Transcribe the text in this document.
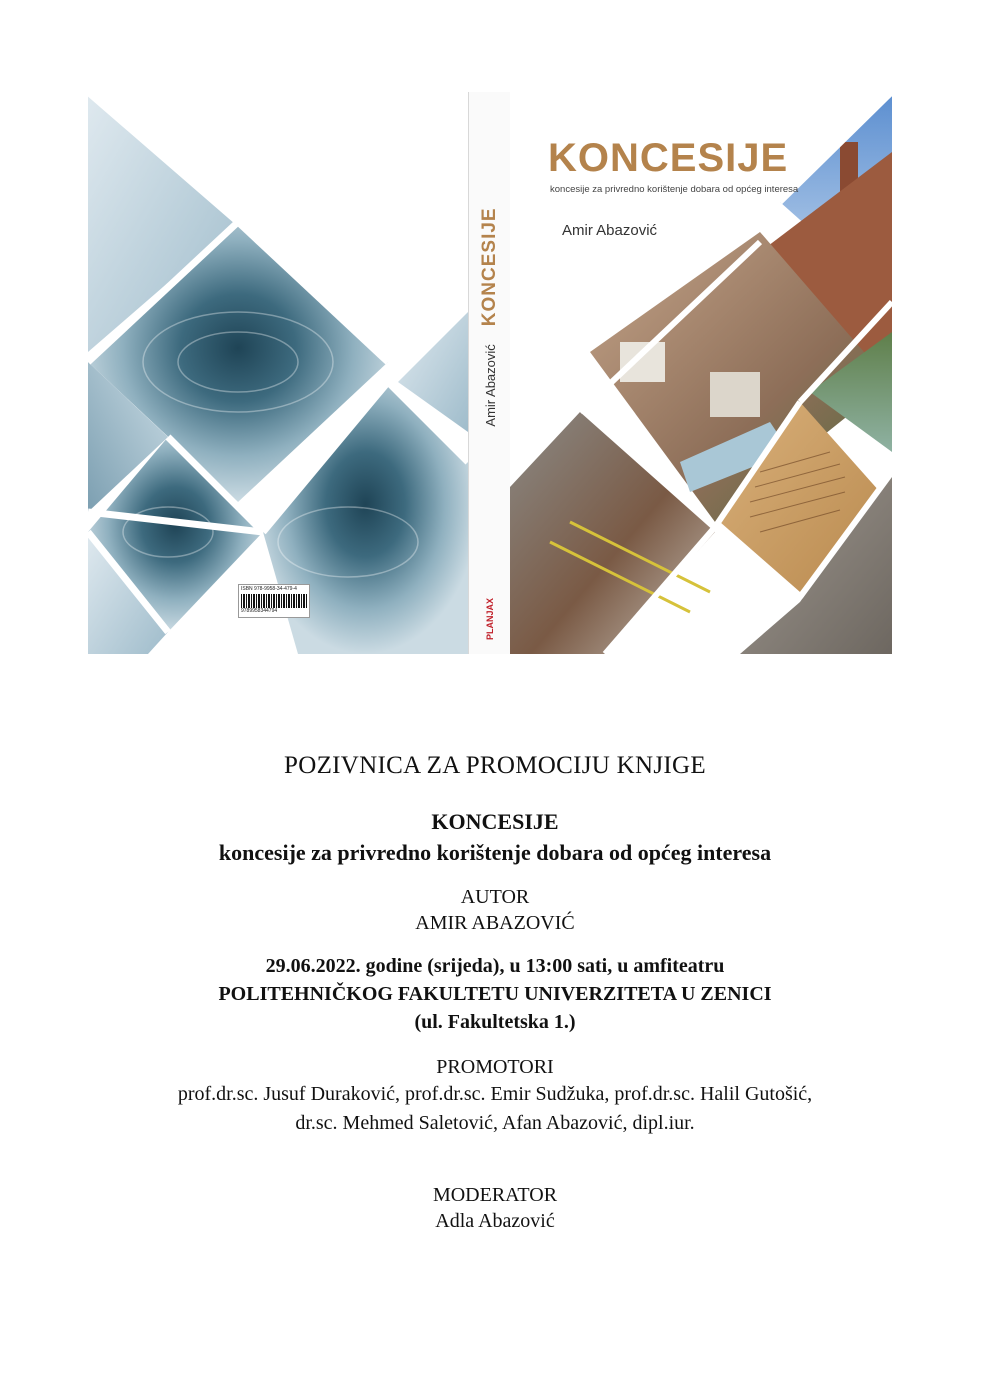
ISBN 978-9958-34-479-4
9789958344794
Amir Abazović
KONCESIJE
PLANJAX
KONCESIJE
koncesije za privredno korištenje dobara od općeg interesa
Amir Abazović
POZIVNICA ZA PROMOCIJU KNJIGE
KONCESIJE
koncesije za privredno korištenje dobara od općeg interesa
AUTOR
AMIR ABAZOVIĆ
29.06.2022. godine (srijeda), u 13:00 sati, u amfiteatru
POLITEHNIČKOG FAKULTETU UNIVERZITETA U ZENICI
(ul. Fakultetska 1.)
PROMOTORI
prof.dr.sc. Jusuf Duraković, prof.dr.sc. Emir Sudžuka, prof.dr.sc. Halil Gutošić,
dr.sc. Mehmed Saletović, Afan Abazović, dipl.iur.
MODERATOR
Adla Abazović
